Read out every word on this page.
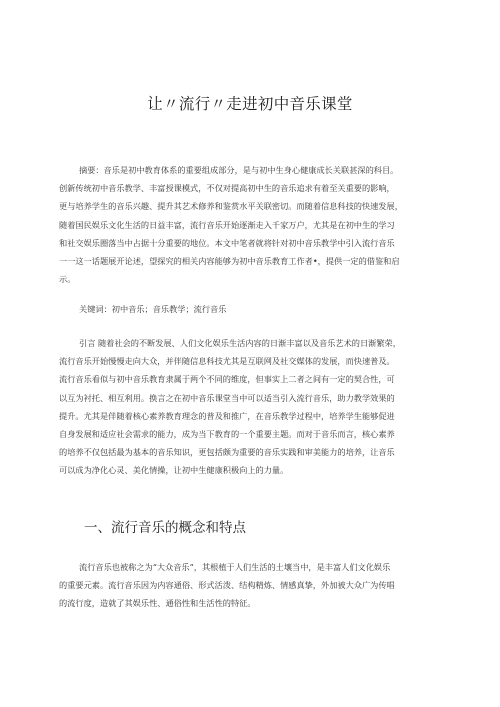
让〃流行〃走进初中音乐课堂
摘要：音乐是初中教育体系的重要组成部分，是与初中生身心健康成长关联甚深的科目。
创新传统初中音乐教学、丰富授课模式，不仅对提高初中生的音乐追求有着至关重要的影响，
更与培养学生的音乐兴趣、提升其艺术修养和鉴赏水平关联密切。而随着信息科技的快速发展，
随着国民娱乐文化生活的日益丰富，流行音乐开始逐渐走入千家万户，尤其是在初中生的学习
和社交娱乐圈落当中占据十分重要的地位。本文中笔者就将针对初中音乐教学中引入流行音乐
一一这一话题展开论述，望探究的相关内容能够为初中音乐教育工作者•，提供一定的借鉴和启
示。
关键词：初中音乐；音乐教学；流行音乐
引言 随着社会的不断发展、人们文化娱乐生活内容的日渐丰富以及音乐艺术的日渐繁荣，
流行音乐开始慢慢走向大众，并伴随信息科技尤其是互联网及社交媒体的发展，而快速普及。
流行音乐看似与初中音乐教育隶属于两个不同的维度，但事实上二者之间有一定的契合性，可
以互为衬托、相互利用。换言之在初中音乐课堂当中可以适当引入流行音乐，助力教学效果的
提升。尤其是伴随着核心素养教育理念的普及和推广，在音乐教学过程中，培养学生能够促进
自身发展和适应社会需求的能力，成为当下教育的一个重要主题。而对于音乐而言，核心素养
的培养不仅包括最为基本的音乐知识，更包括颇为重要的音乐实践和审美能力的培养，让音乐
可以成为净化心灵、美化情操，让初中生健康积极向上的力量。
一、流行音乐的概念和特点
流行音乐也被称之为“大众音乐”，其根植于人们生活的土壤当中，是丰富人们文化娱乐
的重要元素。流行音乐因为内容通俗、形式活泼、结构精炼、情感真挚，外加被大众广为传唱
的流行度，造就了其娱乐性、通俗性和生活性的特征。
